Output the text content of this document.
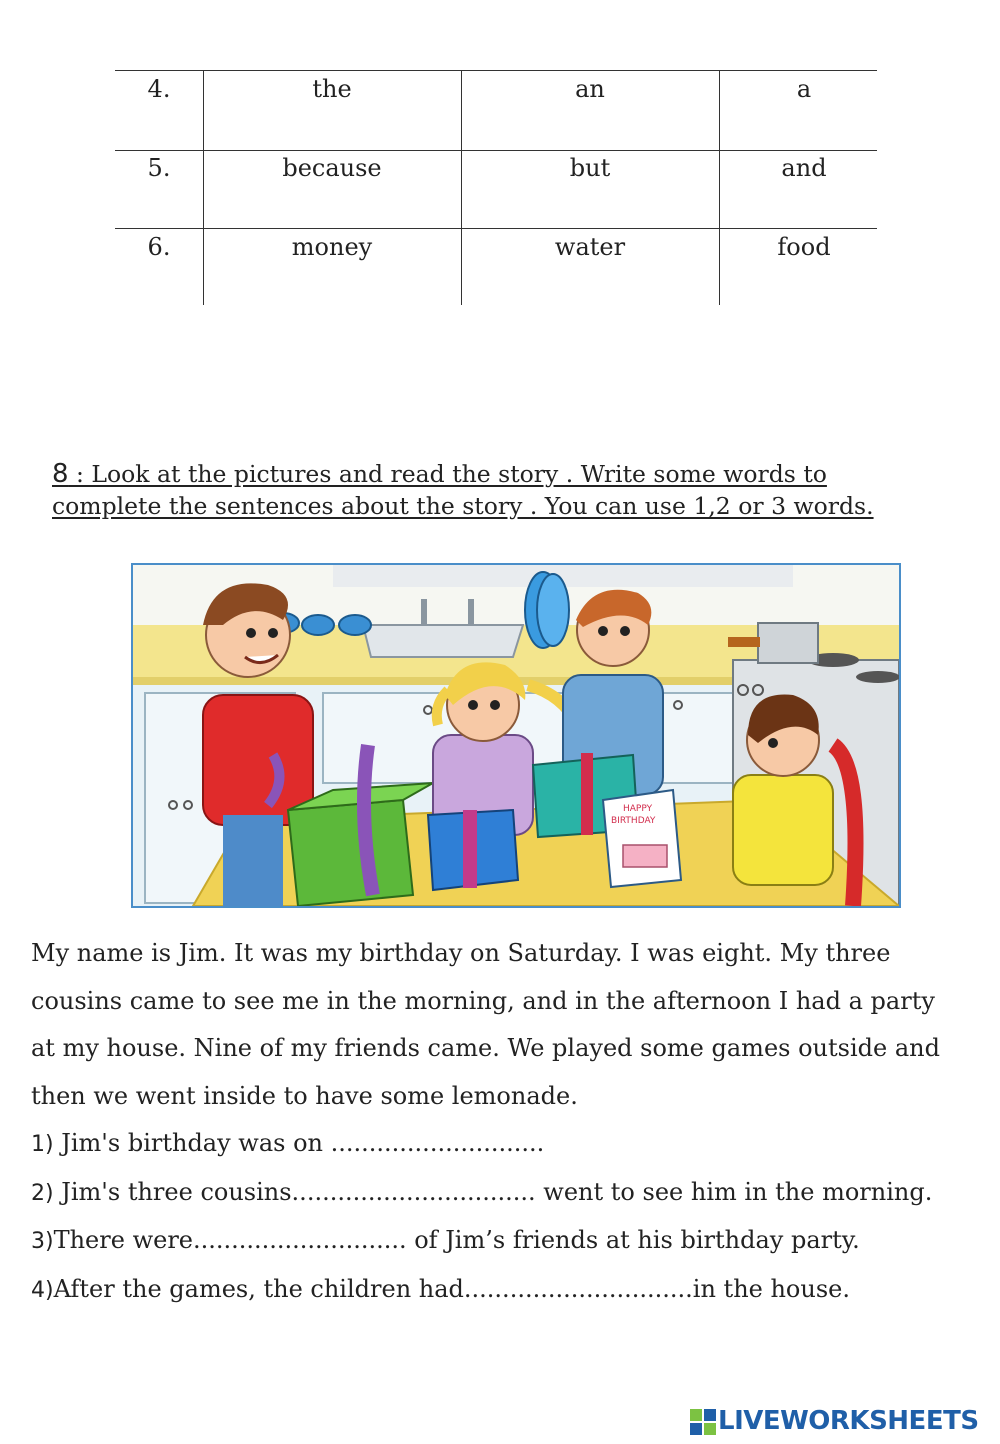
4.	the	an	a
5.	because	but	and
6.	money	water	food
8 : Look at the pictures and read the story . Write some words to
complete the sentences about the story . You can use 1,2 or 3 words.
HAPPY
BIRTHDAY

My name is Jim. It was my birthday on Saturday. I was eight. My three

cousins came to see me in the morning, and in the afternoon I had a party

at my house. Nine of my friends came. We played some games outside and

then we went inside to have some lemonade.

1) Jim's birthday was on ............................

2) Jim's three cousins................................ went to see him in the morning.

3)There were............................ of Jim’s friends at his birthday party.

4)After the games, the children had..............................in the house.

LIVEWORKSHEETS
